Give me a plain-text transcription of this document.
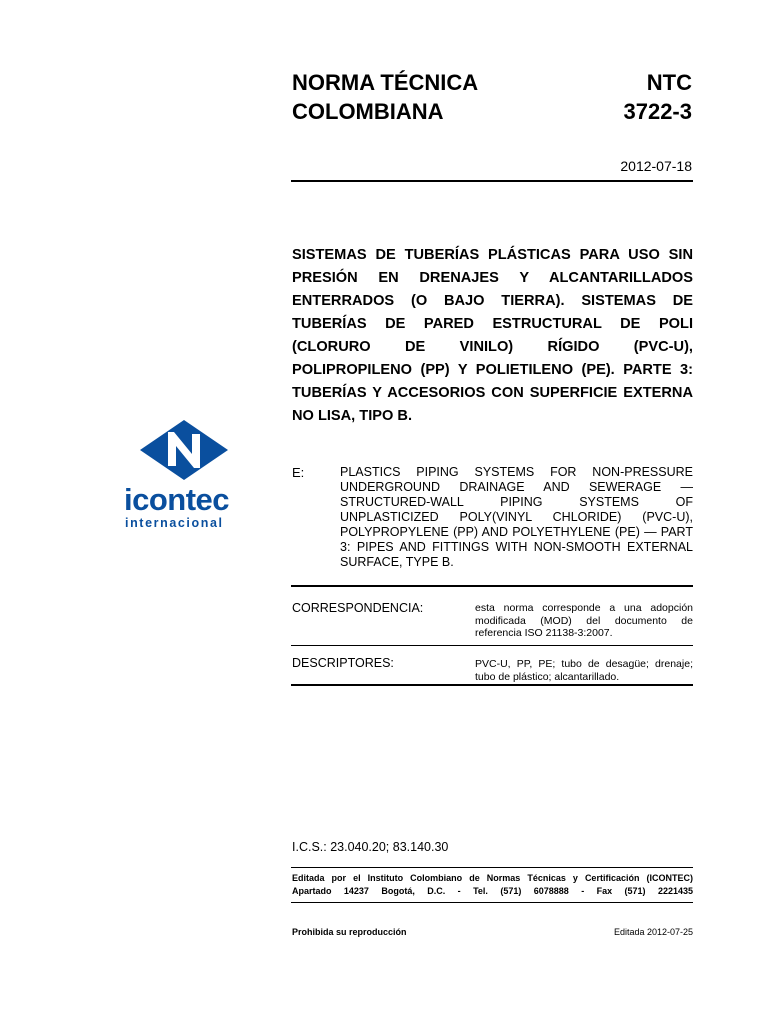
NORMA TÉCNICA
COLOMBIANA
NTC
3722-3
2012-07-18
SISTEMAS DE TUBERÍAS PLÁSTICAS PARA USO SIN PRESIÓN EN DRENAJES Y ALCANTARILLADOS ENTERRADOS (O BAJO TIERRA). SISTEMAS DE TUBERÍAS DE PARED ESTRUCTURAL DE POLI (CLORURO DE VINILO) RÍGIDO (PVC-U), POLIPROPILENO (PP) Y POLIETILENO (PE). PARTE 3: TUBERÍAS Y ACCESORIOS CON SUPERFICIE EXTERNA NO LISA, TIPO B.
icontec
internacional
E:	PLASTICS PIPING SYSTEMS FOR NON-PRESSURE UNDERGROUND DRAINAGE AND SEWERAGE — STRUCTURED-WALL PIPING SYSTEMS OF UNPLASTICIZED POLY(VINYL CHLORIDE) (PVC-U), POLYPROPYLENE (PP) AND POLYETHYLENE (PE) — PART 3: PIPES AND FITTINGS WITH NON-SMOOTH EXTERNAL SURFACE, TYPE B.
CORRESPONDENCIA:	esta norma corresponde a una adopción modificada (MOD) del documento de referencia ISO 21138-3:2007.
DESCRIPTORES:	PVC-U, PP, PE; tubo de desagüe; drenaje; tubo de plástico; alcantarillado.
I.C.S.: 23.040.20; 83.140.30
Editada por el Instituto Colombiano de Normas Técnicas y Certificación (ICONTEC)
Apartado 14237 Bogotá, D.C. - Tel. (571) 6078888 - Fax (571) 2221435
Prohibida su reproducción	Editada 2012-07-25
